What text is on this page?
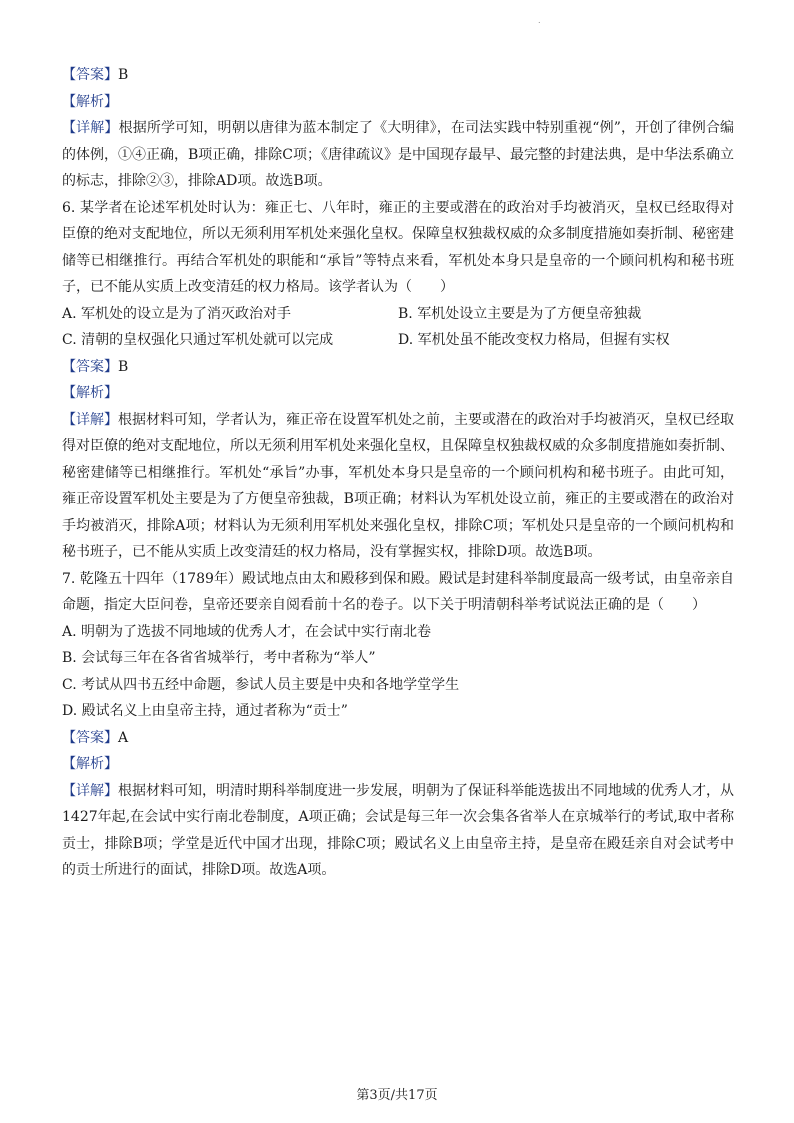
.
【答案】B
【解析】
【详解】根据所学可知，明朝以唐律为蓝本制定了《大明律》，在司法实践中特别重视“例”，开创了律例合编的体例，①④正确，B项正确，排除C项；《唐律疏议》是中国现存最早、最完整的封建法典，是中华法系确立的标志，排除②③，排除AD项。故选B项。
6. 某学者在论述军机处时认为：雍正七、八年时，雍正的主要或潜在的政治对手均被消灭，皇权已经取得对臣僚的绝对支配地位，所以无须利用军机处来强化皇权。保障皇权独裁权威的众多制度措施如奏折制、秘密建储等已相继推行。再结合军机处的职能和“承旨”等特点来看，军机处本身只是皇帝的一个顾问机构和秘书班子，已不能从实质上改变清廷的权力格局。该学者认为（　　）
A. 军机处的设立是为了消灭政治对手	B. 军机处设立主要是为了方便皇帝独裁
C. 清朝的皇权强化只通过军机处就可以完成	D. 军机处虽不能改变权力格局，但握有实权
【答案】B
【解析】
【详解】根据材料可知，学者认为，雍正帝在设置军机处之前，主要或潜在的政治对手均被消灭，皇权已经取得对臣僚的绝对支配地位，所以无须利用军机处来强化皇权，且保障皇权独裁权威的众多制度措施如奏折制、秘密建储等已相继推行。军机处“承旨”办事，军机处本身只是皇帝的一个顾问机构和秘书班子。由此可知，雍正帝设置军机处主要是为了方便皇帝独裁，B项正确；材料认为军机处设立前，雍正的主要或潜在的政治对手均被消灭，排除A项；材料认为无须利用军机处来强化皇权，排除C项；军机处只是皇帝的一个顾问机构和秘书班子，已不能从实质上改变清廷的权力格局，没有掌握实权，排除D项。故选B项。
7. 乾隆五十四年（1789年）殿试地点由太和殿移到保和殿。殿试是封建科举制度最高一级考试，由皇帝亲自命题，指定大臣问卷，皇帝还要亲自阅看前十名的卷子。以下关于明清朝科举考试说法正确的是（　　）
A. 明朝为了选拔不同地域的优秀人才，在会试中实行南北卷
B. 会试每三年在各省省城举行，考中者称为“举人”
C. 考试从四书五经中命题，参试人员主要是中央和各地学堂学生
D. 殿试名义上由皇帝主持，通过者称为“贡士”
【答案】A
【解析】
【详解】根据材料可知，明清时期科举制度进一步发展，明朝为了保证科举能选拔出不同地域的优秀人才，从1427年起,在会试中实行南北卷制度，A项正确；会试是每三年一次会集各省举人在京城举行的考试,取中者称贡士，排除B项；学堂是近代中国才出现，排除C项；殿试名义上由皇帝主持，是皇帝在殿廷亲自对会试考中的贡士所进行的面试，排除D项。故选A项。
第3页/共17页
